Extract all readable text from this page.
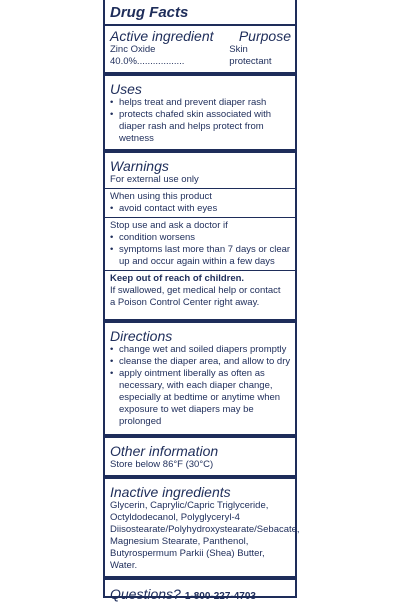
Drug Facts
Active ingredient Purpose
Zinc Oxide 40.0%..................
Skin protectant
Uses
• helps treat and prevent diaper rash
• protects chafed skin associated with
diaper rash and helps protect from wetness
Warnings
For external use only
When using this product
• avoid contact with eyes
Stop use and ask a doctor if
• condition worsens
• symptoms last more than 7 days or clear
up and occur again within a few days
Keep out of reach of children.
If swallowed, get medical help or contact
a Poison Control Center right away.
Directions
• change wet and soiled diapers promptly
• cleanse the diaper area, and allow to dry
• apply ointment liberally as often as
necessary, with each diaper change,
especially at bedtime or anytime when
exposure to wet diapers may be
prolonged
Other information
Store below 86°F (30°C)
Inactive ingredients
Glycerin, Caprylic/Capric Triglyceride,
Octyldodecanol, Polyglyceryl-4
Diisostearate/Polyhydroxystearate/Sebacate,
Magnesium Stearate, Panthenol,
Butyrospermum Parkii (Shea) Butter, Water.
Questions? 1-800-227-4703
